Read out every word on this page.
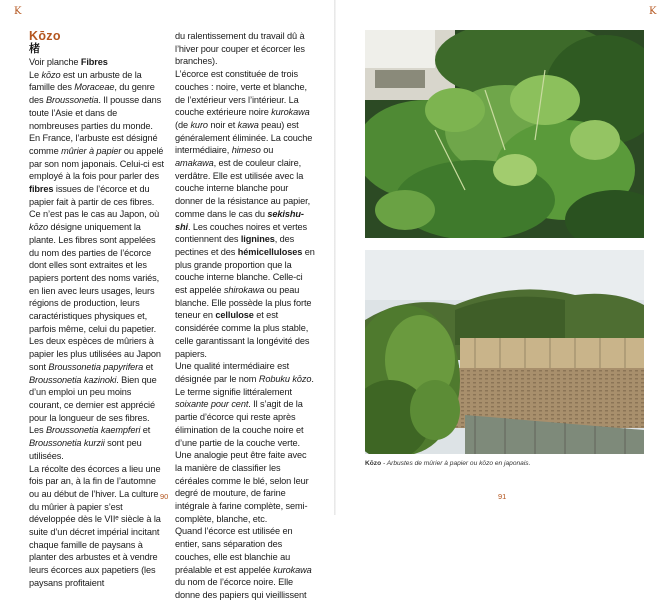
K
Kōzo
楮

Voir planche Fibres

Le kōzo est un arbuste de la famille des Moraceae, du genre des Broussonetia. Il pousse dans toute l’Asie et dans de nombreuses parties du monde. En France, l’arbuste est désigné comme mûrier à papier ou appelé par son nom japonais. Celui-ci est employé à la fois pour parler des fibres issues de l’écorce et du papier fait à partir de ces fibres. Ce n’est pas le cas au Japon, où kōzo désigne uniquement la plante. Les fibres sont appelées du nom des parties de l’écorce dont elles sont extraites et les papiers portent des noms variés, en lien avec leurs usages, leurs régions de production, leurs caractéristiques physiques et, parfois même, celui du papetier.

Les deux espèces de mûriers à papier les plus utilisées au Japon sont Broussonetia papyrifera et Broussonetia kazinoki. Bien que d’un emploi un peu moins courant, ce dernier est apprécié pour la longueur de ses fibres. Les Broussonetia kaempferi et Broussonetia kurzii sont peu utilisées.

La récolte des écorces a lieu une fois par an, à la fin de l’automne ou au début de l’hiver. La culture du mûrier à papier s’est développée dès le VIIᵉ siècle à la suite d’un décret impérial incitant chaque famille de paysans à planter des arbustes et à vendre leurs écorces aux papetiers (les paysans profitaient

du ralentissement du travail dû à l’hiver pour couper et écorcer les branches).

L’écorce est constituée de trois couches : noire, verte et blanche, de l’extérieur vers l’intérieur. La couche extérieure noire kurokawa (de kuro noir et kawa peau) est généralement éliminée. La couche intermédiaire, himeso ou amakawa, est de couleur claire, verdâtre. Elle est utilisée avec la couche interne blanche pour donner de la résistance au papier, comme dans le cas du sekishu-shi. Les couches noires et vertes contiennent des lignines, des pectines et des hémicelluloses en plus grande proportion que la couche interne blanche. Celle-ci est appelée shirokawa ou peau blanche. Elle possède la plus forte teneur en cellulose et est considérée comme la plus stable, celle garantissant la longévité des papiers.

Une qualité intermédiaire est désignée par le nom Robuku kōzo. Le terme signifie littéralement soixante pour cent. Il s’agit de la partie d’écorce qui reste après élimination de la couche noire et d’une partie de la couche verte. Une analogie peut être faite avec la manière de classifier les céréales comme le blé, selon leur degré de mouture, de farine intégrale à farine complète, semi-complète, blanche, etc.

Quand l’écorce est utilisée en entier, sans séparation des couches, elle est blanchie au préalable et est appelée kurokawa du nom de l’écorce noire. Elle donne des papiers qui vieillissent

90
K
91
Kōzo - Arbustes de mûrier à papier ou kōzo en japonais.
